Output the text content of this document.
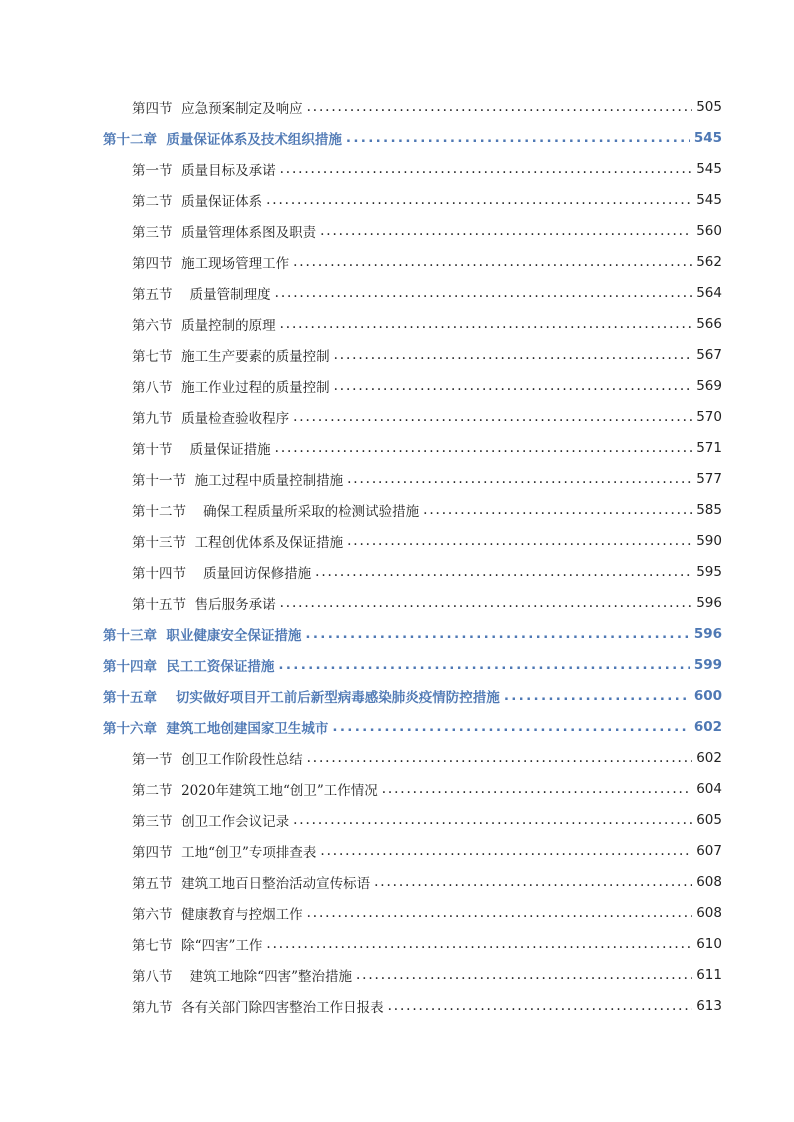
第四节  应急预案制定及响应 . . .	505
第十二章  质量保证体系及技术组织措施 . . .	545
第一节  质量目标及承诺 . . .	545
第二节  质量保证体系 . . .	545
第三节  质量管理体系图及职责 . . .	560
第四节  施工现场管理工作 . . .	562
第五节    质量管制理度 . . .	564
第六节  质量控制的原理 . . .	566
第七节  施工生产要素的质量控制 . . .	567
第八节  施工作业过程的质量控制 . . .	569
第九节  质量检查验收程序 . . .	570
第十节    质量保证措施 . . .	571
第十一节  施工过程中质量控制措施 . . .	577
第十二节    确保工程质量所采取的检测试验措施 . . .	585
第十三节  工程创优体系及保证措施 . . .	590
第十四节    质量回访保修措施 . . .	595
第十五节  售后服务承诺 . . .	596
第十三章  职业健康安全保证措施 . . .	596
第十四章  民工工资保证措施 . . .	599
第十五章    切实做好项目开工前后新型病毒感染肺炎疫情防控措施 . . .	600
第十六章  建筑工地创建国家卫生城市 . . .	602
第一节  创卫工作阶段性总结 . . .	602
第二节  2020年建筑工地“创卫”工作情况 . . .	604
第三节  创卫工作会议记录 . . .	605
第四节  工地“创卫”专项排查表 . . .	607
第五节  建筑工地百日整治活动宣传标语 . . .	608
第六节  健康教育与控烟工作 . . .	608
第七节  除“四害”工作 . . .	610
第八节    建筑工地除“四害”整治措施 . . .	611
第九节  各有关部门除四害整治工作日报表 . . .	613
